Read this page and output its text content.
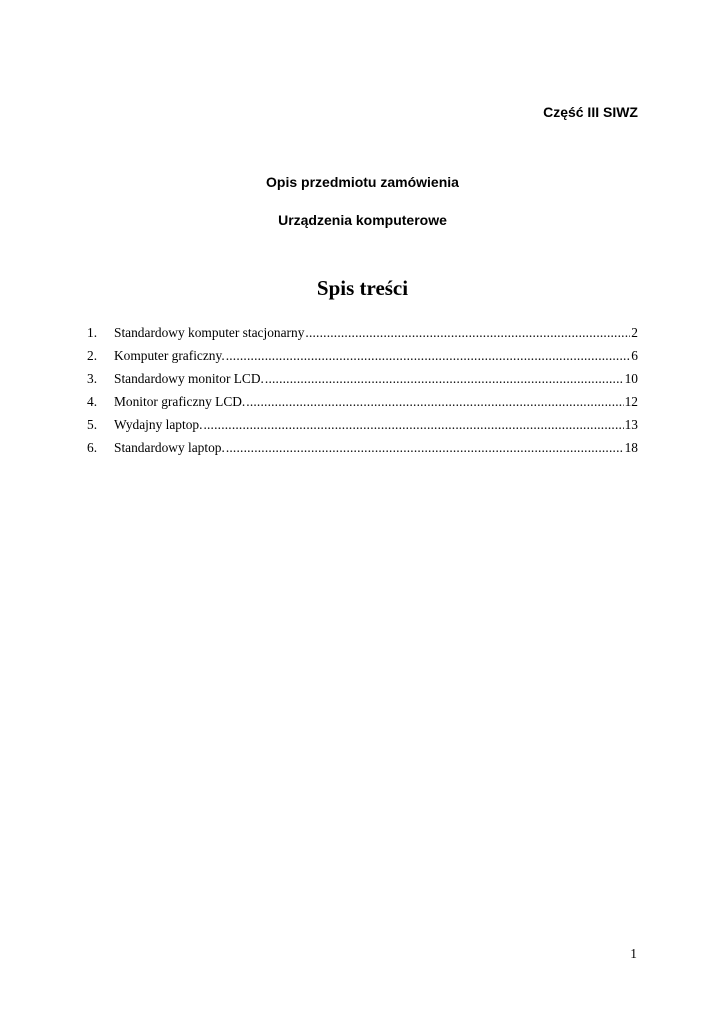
Część III SIWZ
Opis przedmiotu zamówienia
Urządzenia komputerowe
Spis treści
1.	Standardowy komputer stacjonarny .....	2
2.	Komputer graficzny. .....	6
3.	Standardowy monitor LCD. .....	10
4.	Monitor graficzny LCD. .....	12
5.	Wydajny laptop. .....	13
6.	Standardowy laptop. .....	18
1
